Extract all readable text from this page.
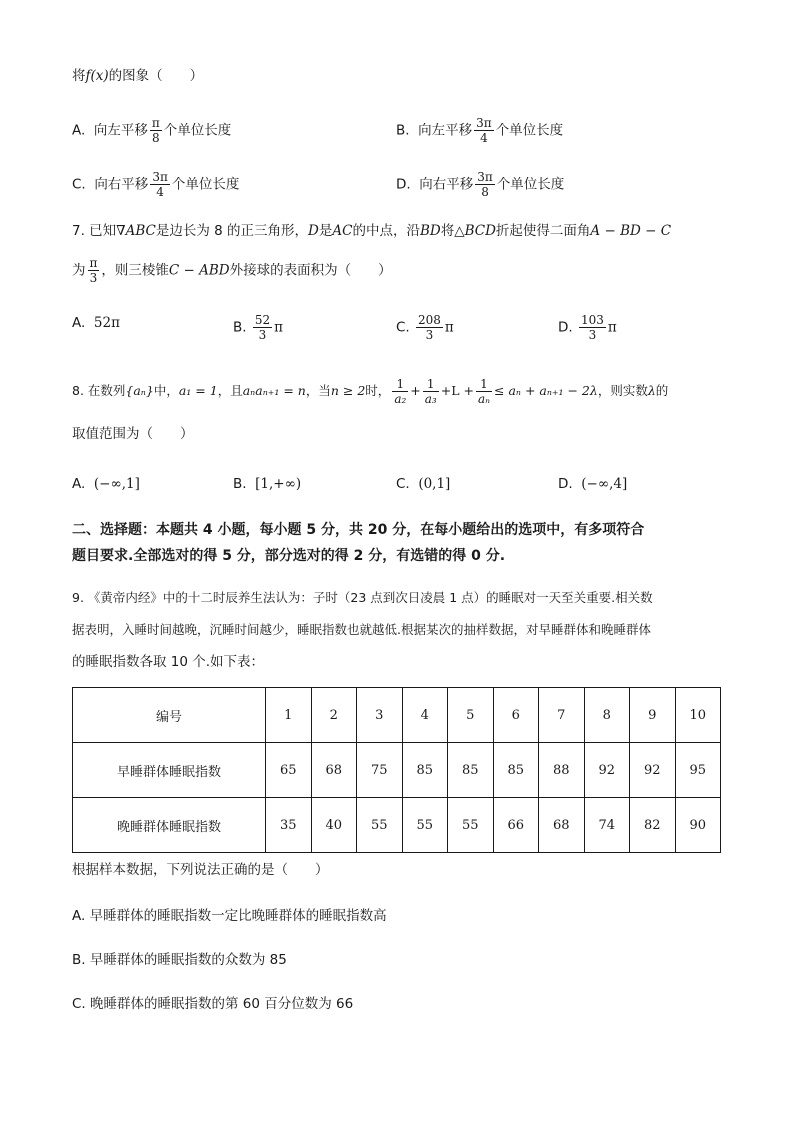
将f(x)的图象（　　）
A. 向左平移 $\frac{\pi}{8}$ 个单位长度	B. 向左平移 $\frac{3\pi}{4}$ 个单位长度
C. 向右平移 $\frac{3\pi}{4}$ 个单位长度	D. 向右平移 $\frac{3\pi}{8}$ 个单位长度
7. 已知∇ABC是边长为 8 的正三角形，D是AC的中点，沿BD将△BCD折起使得二面角A − BD − C
为 $\frac{\pi}{3}$ ，则三棱锥C − ABD外接球的表面积为（　　）
A. 52π	B. $\frac{52}{3}$ π	C. $\frac{208}{3}$ π	D. $\frac{103}{3}$ π
8. 在数列{aₙ}中，a₁ = 1，且aₙaₙ₊₁ = n，当n ≥ 2时， $\frac{1}{\text{a₂}} + \frac{1}{\text{a₃}} +L + \frac{1}{\text{aₙ}} \le a_n + a_{n+1} - 2\lambda$，则实数λ的
取值范围为（　　）
A. (−∞,1]	B. [1,+∞)	C. (0,1]	D. (−∞,4]
二、选择题：本题共 4 小题，每小题 5 分，共 20 分，在每小题给出的选项中，有多项符合
题目要求.全部选对的得 5 分，部分选对的得 2 分，有选错的得 0 分.
9. 《黄帝内经》中的十二时辰养生法认为：子时（23 点到次日凌晨 1 点）的睡眠对一天至关重要.相关数
据表明，入睡时间越晚，沉睡时间越少，睡眠指数也就越低.根据某次的抽样数据，对早睡群体和晚睡群体
的睡眠指数各取 10 个.如下表：
编号	1	2	3	4	5	6	7	8	9	10
早睡群体睡眠指数	65	68	75	85	85	85	88	92	92	95
晚睡群体睡眠指数	35	40	55	55	55	66	68	74	82	90
根据样本数据，下列说法正确的是（　　）
A. 早睡群体的睡眠指数一定比晚睡群体的睡眠指数高
B. 早睡群体的睡眠指数的众数为 85
C. 晚睡群体的睡眠指数的第 60 百分位数为 66
